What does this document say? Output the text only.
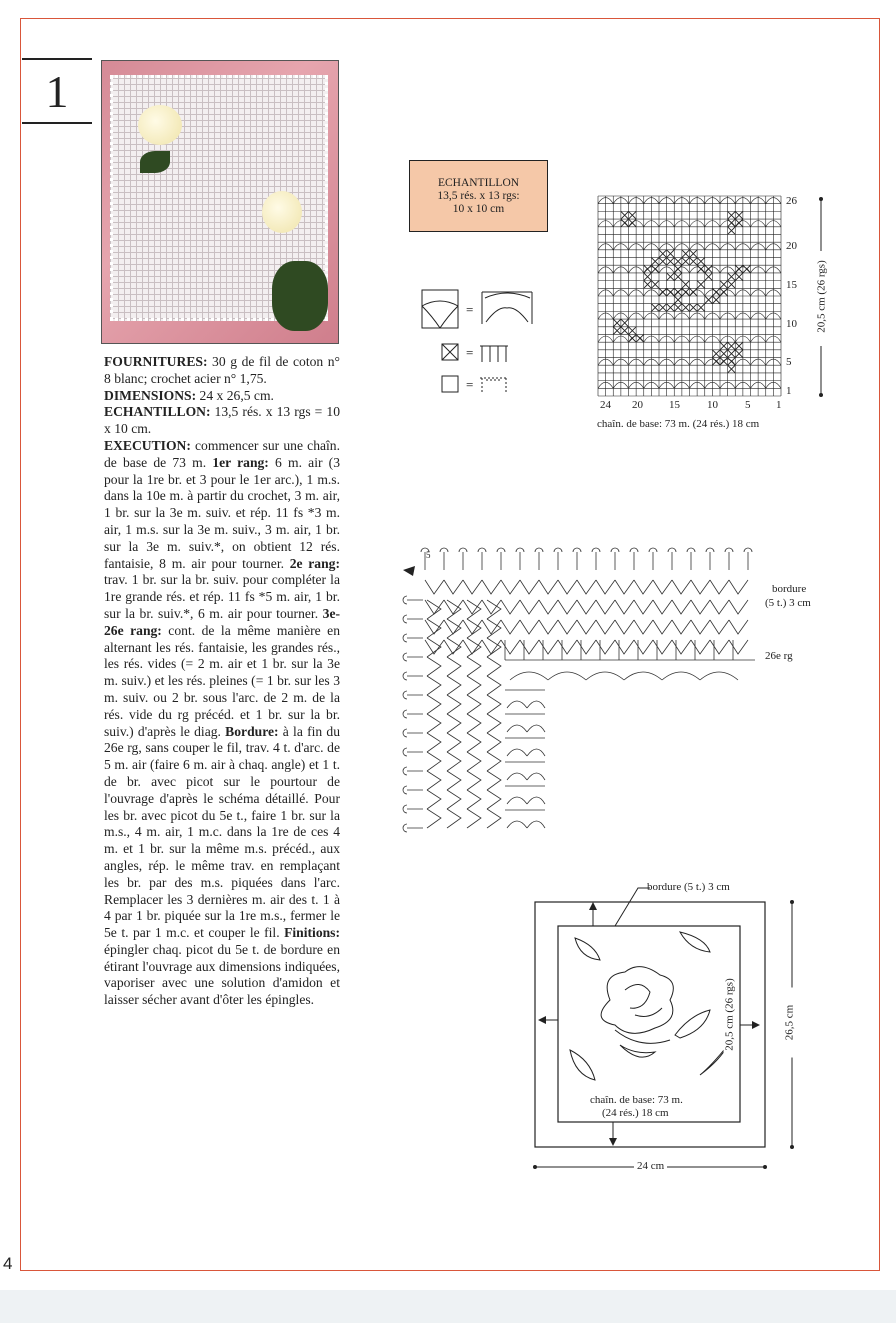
4
1

FOURNITURES: 30 g de fil de coton n° 8 blanc; crochet acier n° 1,75.

DIMENSIONS: 24 x 26,5 cm.

ECHANTILLON: 13,5 rés. x 13 rgs = 10 x 10 cm.

EXECUTION: commencer sur une chaîn. de base de 73 m. 1er rang: 6 m. air (3 pour la 1re br. et 3 pour le 1er arc.), 1 m.s. dans la 10e m. à partir du crochet, 3 m. air, 1 br. sur la 3e m. suiv. et rép. 11 fs *3 m. air, 1 m.s. sur la 3e m. suiv., 3 m. air, 1 br. sur la 3e m. suiv.*, on obtient 12 rés. fantaisie, 8 m. air pour tourner. 2e rang: trav. 1 br. sur la br. suiv. pour compléter la 1re grande rés. et rép. 11 fs *5 m. air, 1 br. sur la br. suiv.*, 6 m. air pour tourner. 3e-26e rang: cont. de la même manière en alternant les rés. fantaisie, les grandes rés., les rés. vides (= 2 m. air et 1 br. sur la 3e m. suiv.) et les rés. pleines (= 1 br. sur les 3 m. suiv. ou 2 br. sous l'arc. de 2 m. de la rés. vide du rg précéd. et 1 br. sur la br. suiv.) d'après le diag. Bordure: à la fin du 26e rg, sans couper le fil, trav. 4 t. d'arc. de 5 m. air (faire 6 m. air à chaq. angle) et 1 t. de br. avec picot sur le pourtour de l'ouvrage d'après le schéma détaillé. Pour les br. avec picot du 5e t., faire 1 br. sur la m.s., 4 m. air, 1 m.c. dans la 1re de ces 4 m. et 1 br. sur la même m.s. précéd., aux angles, rép. le même trav. en remplaçant les br. par des m.s. piquées dans l'arc. Remplacer les 3 dernières m. air des t. 1 à 4 par 1 br. piquée sur la 1re m.s., fermer le 5e t. par 1 m.c. et couper le fil. Finitions: épingler chaq. picot du 5e t. de bordure en étirant l'ouvrage aux dimensions indiquées, vaporiser avec une solution d'amidon et laisser sécher avant d'ôter les épingles.

ECHANTILLON
13,5 rés. x 13 rgs:
10 x 10 cm
=
=
=
26
20
15
10
5
1
24 20 15 10 5 1
chaîn. de base: 73 m. (24 rés.) 18 cm
20,5 cm (26 rgs)
bordure
(5 t.) 3 cm
26e rg
5
bordure (5 t.) 3 cm
20,5 cm (26 rgs)	26,5 cm
chaîn. de base: 73 m.
(24 rés.) 18 cm
24 cm
